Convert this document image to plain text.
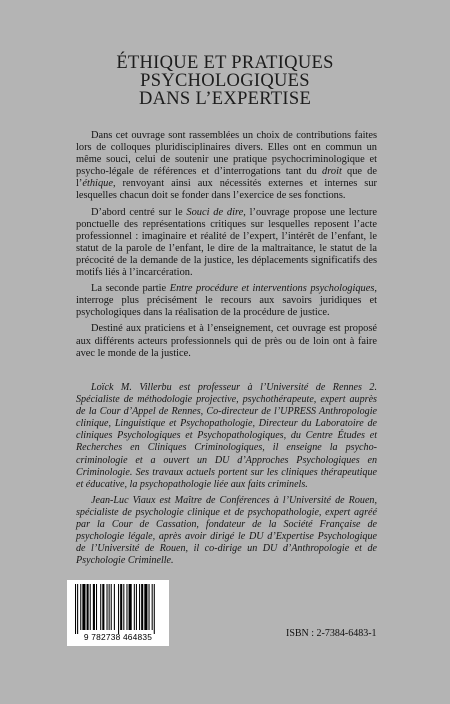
ÉTHIQUE ET PRATIQUES
PSYCHOLOGIQUES
DANS L’EXPERTISE

Dans cet ouvrage sont rassemblées un choix de contributions faites lors de colloques pluridisciplinaires divers. Elles ont en commun un même souci, celui de soutenir une pratique psychocriminologique et psycho-légale de références et d’interrogations tant du droit que de l’éthique, renvoyant ainsi aux nécessités externes et internes sur lesquelles chacun doit se fonder dans l’exercice de ses fonctions.

D’abord centré sur le Souci de dire, l’ouvrage propose une lecture ponctuelle des représentations critiques sur lesquelles reposent l’acte professionnel : imaginaire et réalité de l’expert, l’intérêt de l’enfant, le statut de la parole de l’enfant, le dire de la maltraitance, le statut de la précocité de la demande de la justice, les déplacements significatifs des motifs liés à l’incarcération.

La seconde partie Entre procédure et interventions psychologiques, interroge plus précisément le recours aux savoirs juridiques et psychologiques dans la réalisation de la procédure de justice.

Destiné aux praticiens et à l’enseignement, cet ouvrage est proposé aux différents acteurs professionnels qui de près ou de loin ont à faire avec le monde de la justice.

Loïck M. Villerbu est professeur à l’Université de Rennes 2. Spécialiste de méthodologie projective, psychothérapeute, expert auprès de la Cour d’Appel de Rennes, Co-directeur de l’UPRESS Anthropologie clinique, Linguistique et Psychopathologie, Directeur du Laboratoire de cliniques Psychologiques et Psychopathologiques, du Centre Études et Recherches en Cliniques Criminologiques, il enseigne la psycho-criminologie et a ouvert un DU d’Approches Psychologiques en Criminologie. Ses travaux actuels portent sur les cliniques thérapeutique et éducative, la psychopathologie liée aux faits criminels.

Jean-Luc Viaux est Maître de Conférences à l’Université de Rouen, spécialiste de psychologie clinique et de psychopathologie, expert agréé par la Cour de Cassation, fondateur de la Société Française de psychologie légale, après avoir dirigé le DU d’Expertise Psychologique de l’Université de Rouen, il co-dirige un DU d’Anthropologie et de Psychologie Criminelle.

9 782738 464835	ISBN : 2-7384-6483-1
